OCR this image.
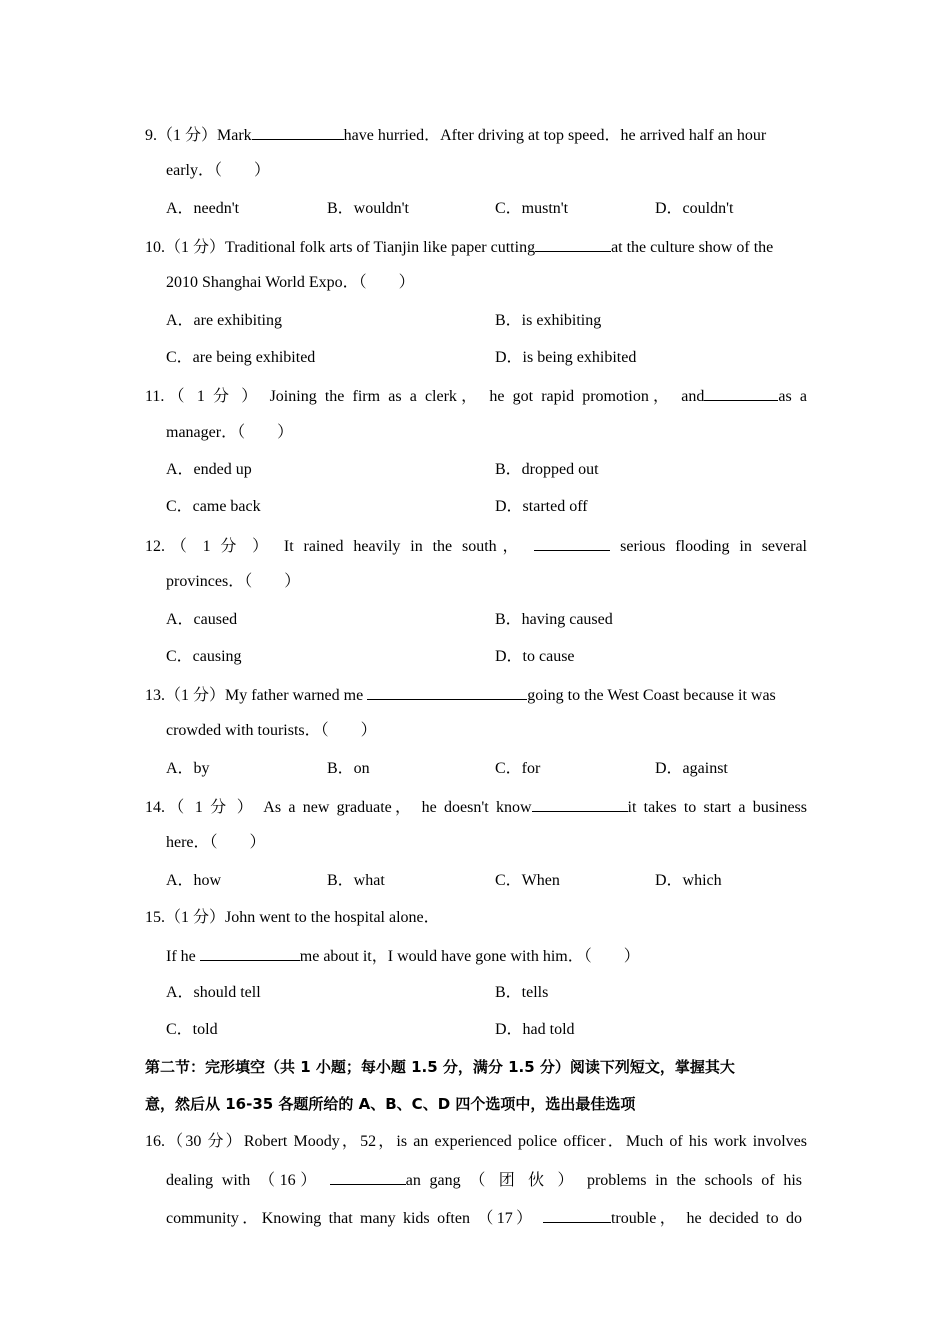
9.（1 分）Mark	have hurried．After driving at top speed．he arrived half an hour
early．（　　）
A．needn't	B．wouldn't	C．mustn't	D．couldn't
10.（1 分）Traditional folk arts of Tianjin like paper cutting	at the culture show of the
2010 Shanghai World Expo．（　　）
A．are exhibiting	B．is exhibiting
C．are being exhibited	D．is being exhibited
11.（ 1 分 ） Joining the firm as a clerk， he got rapid promotion， and	as a
manager．（　　）
A．ended up	B．dropped out
C．came back	D．started off
12.（ 1 分 ） It rained heavily in the south，	serious flooding in several
provinces．（　　）
A．caused	B．having caused
C．causing	D．to cause
13.（1 分）My father warned me	going to the West Coast because it was
crowded with tourists．（　　）
A．by	B．on	C．for	D．against
14.（ 1 分 ） As a new graduate， he doesn't know	it takes to start a business
here．（　　）
A．how	B．what	C．When	D．which
15.（1 分）John went to the hospital alone．
If he	me about it，I would have gone with him．（　　）
A．should tell	B．tells
C．told	D．had told
第二节：完形填空（共 1 小题；每小题 1.5 分，满分 1.5 分）阅读下列短文，掌握其大
意，然后从 16-35 各题所给的 A、B、C、D 四个选项中，选出最佳选项
16.（30 分）Robert Moody，52，is an experienced police officer．Much of his work involves
dealing with （16）	an gang （ 团 伙 ） problems in the schools of his
community．Knowing that many kids often （17）	trouble， he decided to do
